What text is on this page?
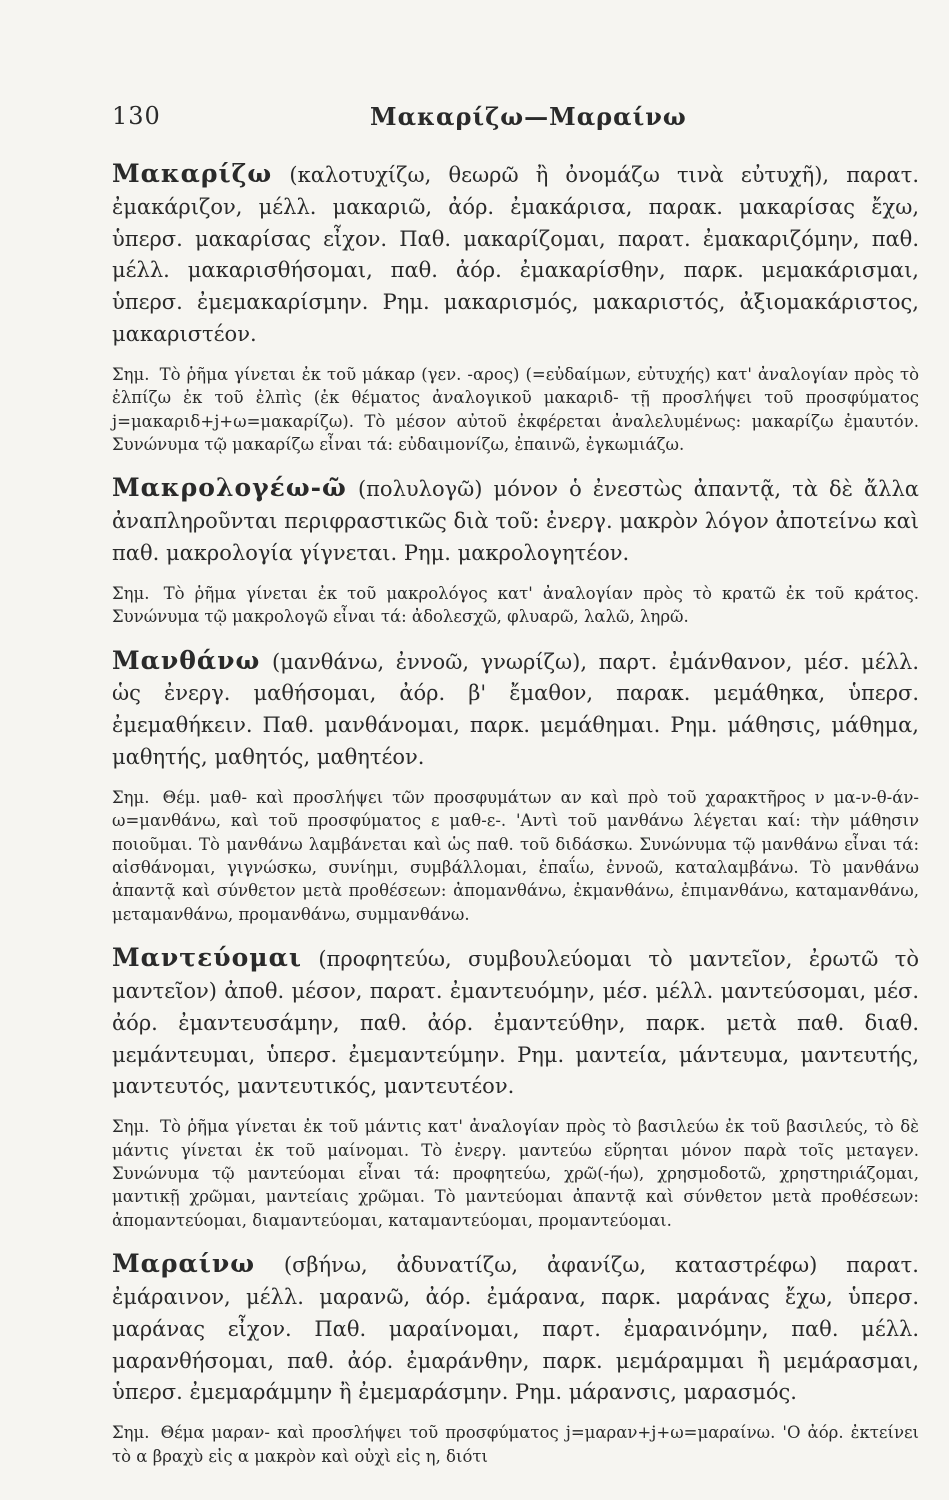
130	Μακαρίζω—Μαραίνω

Μακαρίζω (καλοτυχίζω, θεωρῶ ἢ ὀνομάζω τινὰ εὐτυχῆ), παρατ. ἐμακάριζον, μέλλ. μακαριῶ, ἀόρ. ἐμακάρισα, παρακ. μακαρίσας ἔχω, ὑπερσ. μακαρίσας εἶχον. Παθ. μακαρίζομαι, παρατ. ἐμακαριζόμην, παθ. μέλλ. μακαρισθήσομαι, παθ. ἀόρ. ἐμακαρίσθην, παρκ. μεμακάρισμαι, ὑπερσ. ἐμεμακαρίσμην. Ρημ. μακαρισμός, μακαριστός, ἀξιομακάριστος, μακαριστέον.

Σημ. Τὸ ῥῆμα γίνεται ἐκ τοῦ μάκαρ (γεν. -αρος) (=εὐδαίμων, εὐτυχής) κατ' ἀναλογίαν πρὸς τὸ ἐλπίζω ἐκ τοῦ ἐλπὶς (ἐκ θέματος ἀναλογικοῦ μακαριδ- τῇ προσλήψει τοῦ προσφύματος j=μακαριδ+j+ω=μακαρίζω). Τὸ μέσον αὐτοῦ ἐκφέρεται ἀναλελυμένως: μακαρίζω ἐμαυτόν. Συνώνυμα τῷ μακαρίζω εἶναι τά: εὐδαιμονίζω, ἐπαινῶ, ἐγκωμιάζω.

Μακρολογέω-ῶ (πολυλογῶ) μόνον ὁ ἐνεστὼς ἀπαντᾷ, τὰ δὲ ἄλλα ἀναπληροῦνται περιφραστικῶς διὰ τοῦ: ἐνεργ. μακρὸν λόγον ἀποτείνω καὶ παθ. μακρολογία γίγνεται. Ρημ. μακρολογητέον.

Σημ. Τὸ ῥῆμα γίνεται ἐκ τοῦ μακρολόγος κατ' ἀναλογίαν πρὸς τὸ κρατῶ ἐκ τοῦ κράτος. Συνώνυμα τῷ μακρολογῶ εἶναι τά: ἀδολεσχῶ, φλυαρῶ, λαλῶ, ληρῶ.

Μανθάνω (μανθάνω, ἐννοῶ, γνωρίζω), παρτ. ἐμάνθανον, μέσ. μέλλ. ὡς ἐνεργ. μαθήσομαι, ἀόρ. β' ἔμαθον, παρακ. μεμάθηκα, ὑπερσ. ἐμεμαθήκειν. Παθ. μανθάνομαι, παρκ. μεμάθημαι. Ρημ. μάθησις, μάθημα, μαθητής, μαθητός, μαθητέον.

Σημ. Θέμ. μαθ- καὶ προσλήψει τῶν προσφυμάτων αν καὶ πρὸ τοῦ χαρακτῆρος ν μα-ν-θ-άν-ω=μανθάνω, καὶ τοῦ προσφύματος ε μαθ-ε-. 'Αντὶ τοῦ μανθάνω λέγεται καί: τὴν μάθησιν ποιοῦμαι. Τὸ μανθάνω λαμβάνεται καὶ ὡς παθ. τοῦ διδάσκω. Συνώνυμα τῷ μανθάνω εἶναι τά: αἰσθάνομαι, γιγνώσκω, συνίημι, συμβάλλομαι, ἐπαΐω, ἐννοῶ, καταλαμβάνω. Τὸ μανθάνω ἀπαντᾷ καὶ σύνθετον μετὰ προθέσεων: ἀπομανθάνω, ἐκμανθάνω, ἐπιμανθάνω, καταμανθάνω, μεταμανθάνω, προμανθάνω, συμμανθάνω.

Μαντεύομαι (προφητεύω, συμβουλεύομαι τὸ μαντεῖον, ἐρωτῶ τὸ μαντεῖον) ἀποθ. μέσον, παρατ. ἐμαντευόμην, μέσ. μέλλ. μαντεύσομαι, μέσ. ἀόρ. ἐμαντευσάμην, παθ. ἀόρ. ἐμαντεύθην, παρκ. μετὰ παθ. διαθ. μεμάντευμαι, ὑπερσ. ἐμεμαντεύμην. Ρημ. μαντεία, μάντευμα, μαντευτής, μαντευτός, μαντευτικός, μαντευτέον.

Σημ. Τὸ ῥῆμα γίνεται ἐκ τοῦ μάντις κατ' ἀναλογίαν πρὸς τὸ βασιλεύω ἐκ τοῦ βασιλεύς, τὸ δὲ μάντις γίνεται ἐκ τοῦ μαίνομαι. Τὸ ἐνεργ. μαντεύω εὕρηται μόνον παρὰ τοῖς μεταγεν. Συνώνυμα τῷ μαντεύομαι εἶναι τά: προφητεύω, χρῶ(-ήω), χρησμοδοτῶ, χρηστηριάζομαι, μαντικῇ χρῶμαι, μαντείαις χρῶμαι. Τὸ μαντεύομαι ἀπαντᾷ καὶ σύνθετον μετὰ προθέσεων: ἀπομαντεύομαι, διαμαντεύομαι, καταμαντεύομαι, προμαντεύομαι.

Μαραίνω (σβήνω, ἀδυνατίζω, ἀφανίζω, καταστρέφω) παρατ. ἐμάραινον, μέλλ. μαρανῶ, ἀόρ. ἐμάρανα, παρκ. μαράνας ἔχω, ὑπερσ. μαράνας εἶχον. Παθ. μαραίνομαι, παρτ. ἐμαραινόμην, παθ. μέλλ. μαρανθήσομαι, παθ. ἀόρ. ἐμαράνθην, παρκ. μεμάραμμαι ἢ μεμάρασμαι, ὑπερσ. ἐμεμαράμμην ἢ ἐμεμαράσμην. Ρημ. μάρανσις, μαρασμός.

Σημ. Θέμα μαραν- καὶ προσλήψει τοῦ προσφύματος j=μαραν+j+ω=μαραίνω. 'Ο ἀόρ. ἐκτείνει τὸ α βραχὺ εἰς α μακρὸν καὶ οὐχὶ εἰς η, διότι
